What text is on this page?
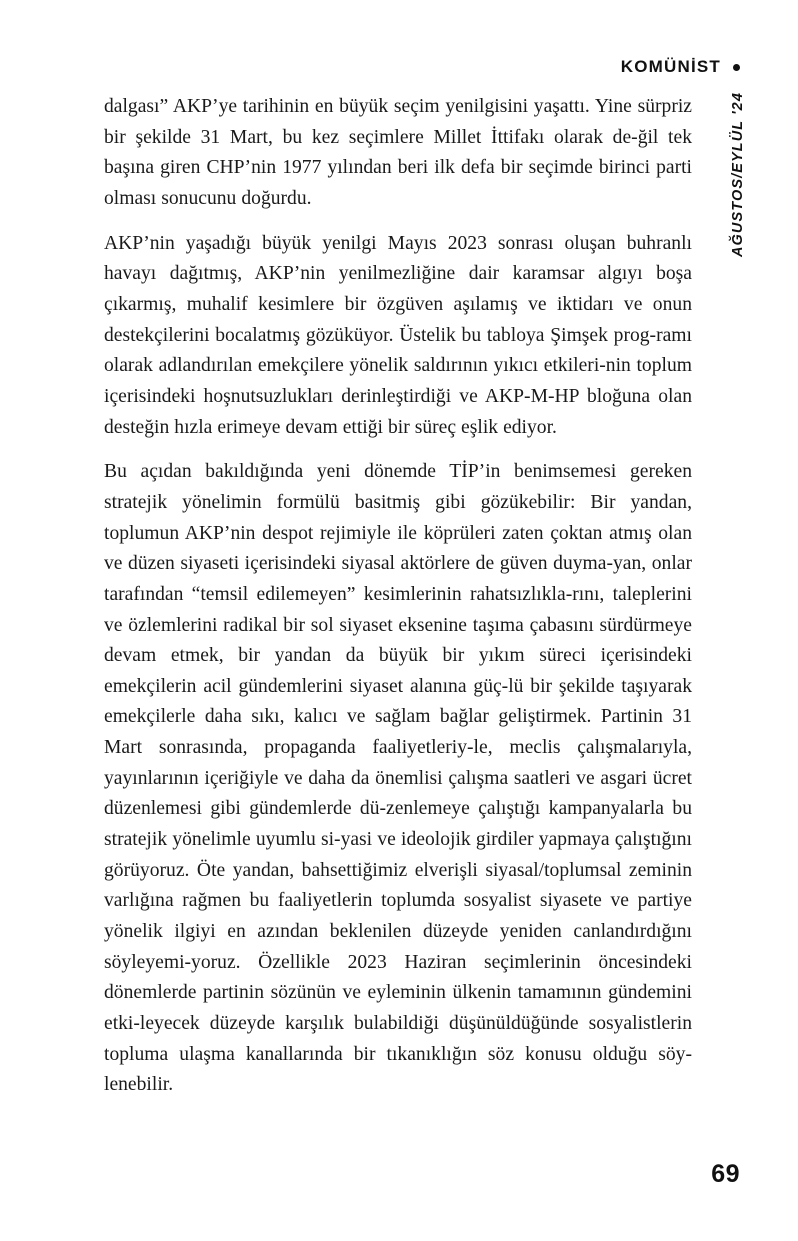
KOMÜNİST
AĞUSTOS/EYLÜL '24

dalgası” AKP’ye tarihinin en büyük seçim yenilgisini yaşattı. Yine sürpriz bir şekilde 31 Mart, bu kez seçimlere Millet İttifakı olarak de-ğil tek başına giren CHP’nin 1977 yılından beri ilk defa bir seçimde birinci parti olması sonucunu doğurdu.

AKP’nin yaşadığı büyük yenilgi Mayıs 2023 sonrası oluşan buhranlı havayı dağıtmış, AKP’nin yenilmezliğine dair karamsar algıyı boşa çıkarmış, muhalif kesimlere bir özgüven aşılamış ve iktidarı ve onun destekçilerini bocalatmış gözüküyor. Üstelik bu tabloya Şimşek prog-ramı olarak adlandırılan emekçilere yönelik saldırının yıkıcı etkileri-nin toplum içerisindeki hoşnutsuzlukları derinleştirdiği ve AKP-M-HP bloğuna olan desteğin hızla erimeye devam ettiği bir süreç eşlik ediyor.

Bu açıdan bakıldığında yeni dönemde TİP’in benimsemesi gereken stratejik yönelimin formülü basitmiş gibi gözükebilir: Bir yandan, toplumun AKP’nin despot rejimiyle ile köprüleri zaten çoktan atmış olan ve düzen siyaseti içerisindeki siyasal aktörlere de güven duyma-yan, onlar tarafından “temsil edilemeyen” kesimlerinin rahatsızlıkla-rını, taleplerini ve özlemlerini radikal bir sol siyaset eksenine taşıma çabasını sürdürmeye devam etmek, bir yandan da büyük bir yıkım süreci içerisindeki emekçilerin acil gündemlerini siyaset alanına güç-lü bir şekilde taşıyarak emekçilerle daha sıkı, kalıcı ve sağlam bağlar geliştirmek. Partinin 31 Mart sonrasında, propaganda faaliyetleriy-le, meclis çalışmalarıyla, yayınlarının içeriğiyle ve daha da önemlisi çalışma saatleri ve asgari ücret düzenlemesi gibi gündemlerde dü-zenlemeye çalıştığı kampanyalarla bu stratejik yönelimle uyumlu si-yasi ve ideolojik girdiler yapmaya çalıştığını görüyoruz. Öte yandan, bahsettiğimiz elverişli siyasal/toplumsal zeminin varlığına rağmen bu faaliyetlerin toplumda sosyalist siyasete ve partiye yönelik ilgiyi en azından beklenilen düzeyde yeniden canlandırdığını söyleyemi-yoruz. Özellikle 2023 Haziran seçimlerinin öncesindeki dönemlerde partinin sözünün ve eyleminin ülkenin tamamının gündemini etki-leyecek düzeyde karşılık bulabildiği düşünüldüğünde sosyalistlerin topluma ulaşma kanallarında bir tıkanıklığın söz konusu olduğu söy-lenebilir.

69
